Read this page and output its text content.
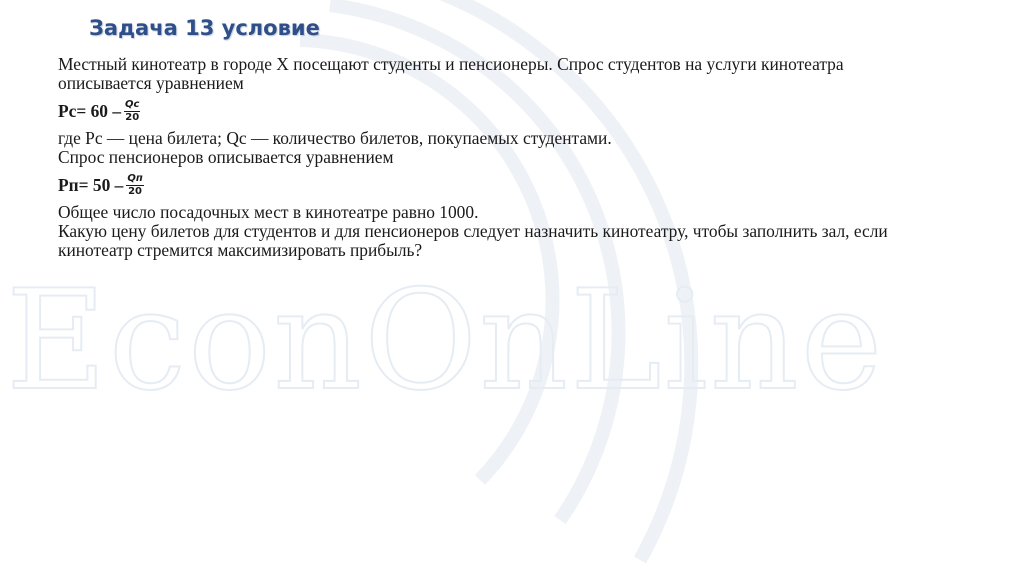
EconOnLine
Задача 13 условие
Местный кинотеатр в городе X посещают студенты и пенсионеры. Спрос студентов на услуги кинотеатра
описывается уравнением
$Pc= 60 - \frac{Qc}{20}$
где Pc — цена билета; Qc — количество билетов, покупаемых студентами.
Спрос пенсионеров описывается уравнением
$Pп= 50 - \frac{Qп}{20}$
Общее число посадочных мест в кинотеатре равно 1000.
Какую цену билетов для студентов и для пенсионеров следует назначить кинотеатру, чтобы заполнить зал, если
кинотеатр стремится максимизировать прибыль?
